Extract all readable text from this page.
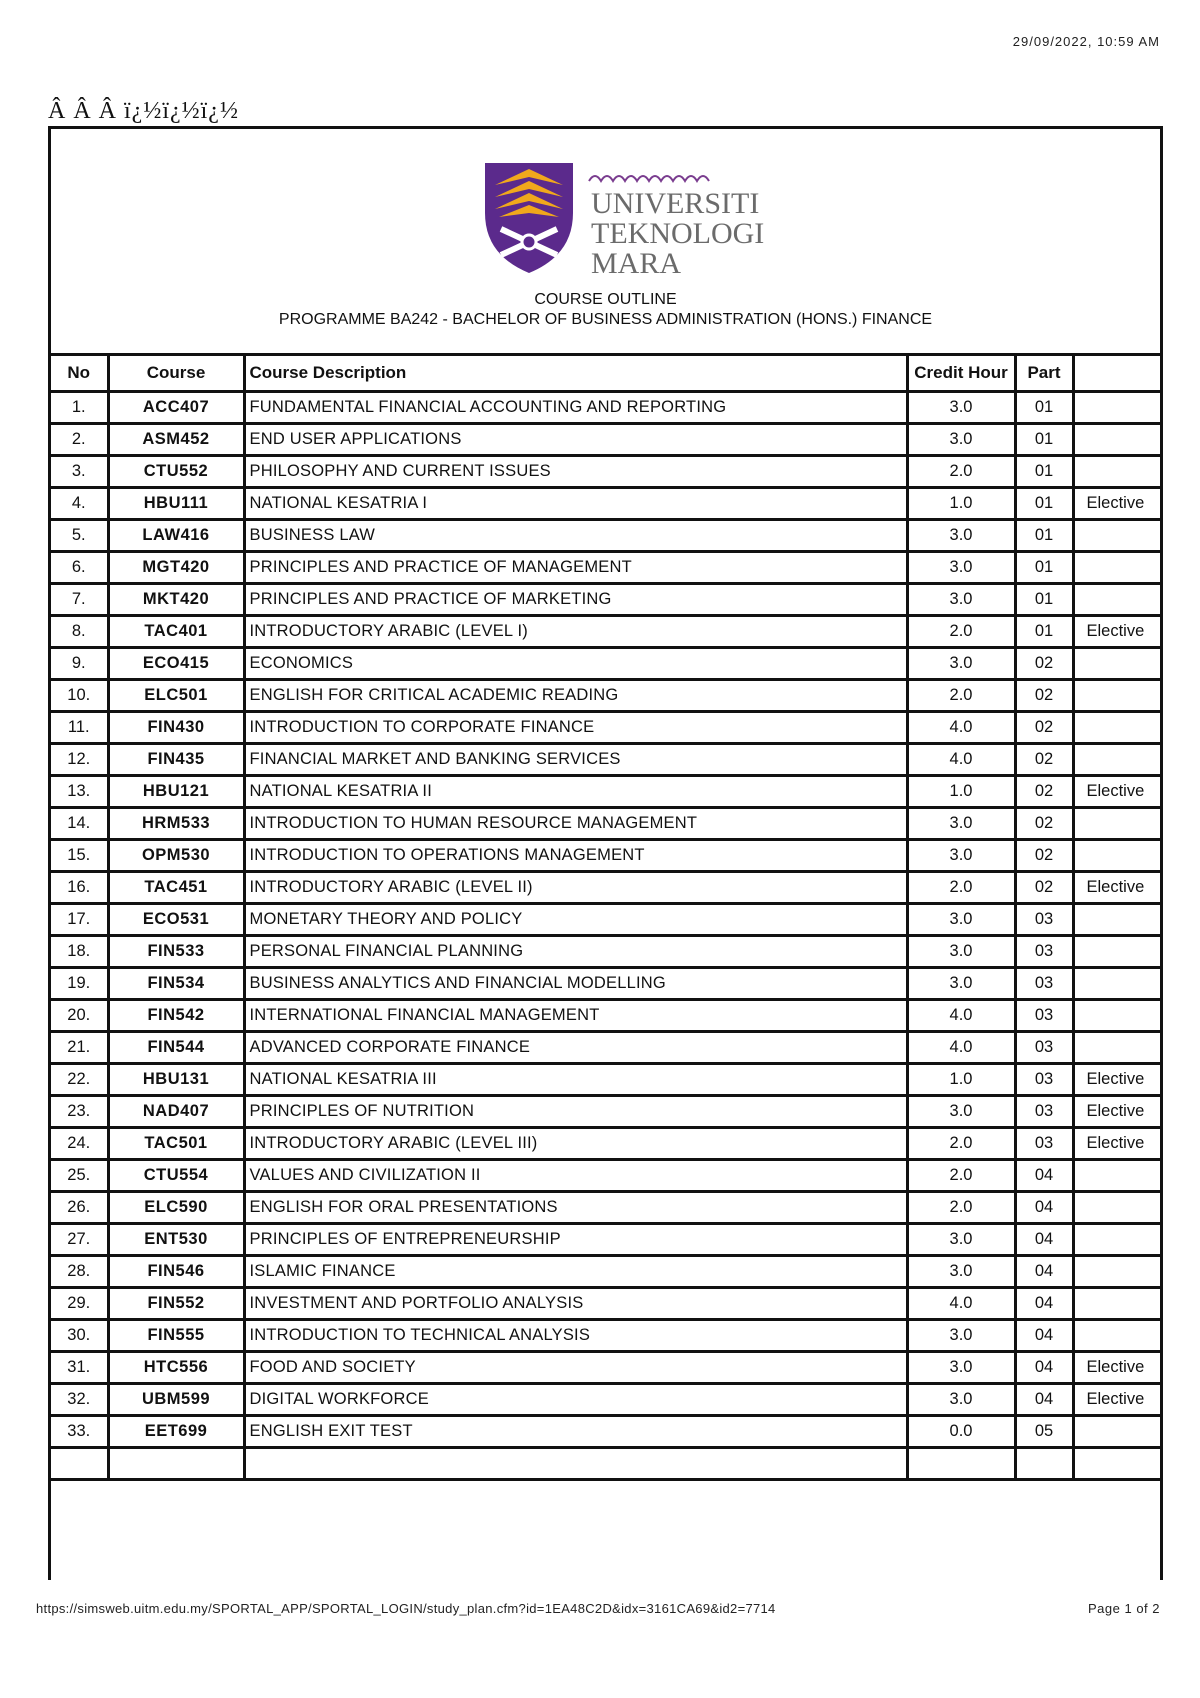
29/09/2022, 10:59 AM
Â Â Â ï¿½ï¿½ï¿½
UNIVERSITI
TEKNOLOGI
MARA
COURSE OUTLINE
PROGRAMME BA242 - BACHELOR OF BUSINESS ADMINISTRATION (HONS.) FINANCE
No	Course	Course Description	Credit Hour	Part	
1.	ACC407	FUNDAMENTAL FINANCIAL ACCOUNTING AND REPORTING	3.0	01	
2.	ASM452	END USER APPLICATIONS	3.0	01	
3.	CTU552	PHILOSOPHY AND CURRENT ISSUES	2.0	01	
4.	HBU111	NATIONAL KESATRIA I	1.0	01	Elective
5.	LAW416	BUSINESS LAW	3.0	01	
6.	MGT420	PRINCIPLES AND PRACTICE OF MANAGEMENT	3.0	01	
7.	MKT420	PRINCIPLES AND PRACTICE OF MARKETING	3.0	01	
8.	TAC401	INTRODUCTORY ARABIC (LEVEL I)	2.0	01	Elective
9.	ECO415	ECONOMICS	3.0	02	
10.	ELC501	ENGLISH FOR CRITICAL ACADEMIC READING	2.0	02	
11.	FIN430	INTRODUCTION TO CORPORATE FINANCE	4.0	02	
12.	FIN435	FINANCIAL MARKET AND BANKING SERVICES	4.0	02	
13.	HBU121	NATIONAL KESATRIA II	1.0	02	Elective
14.	HRM533	INTRODUCTION TO HUMAN RESOURCE MANAGEMENT	3.0	02	
15.	OPM530	INTRODUCTION TO OPERATIONS MANAGEMENT	3.0	02	
16.	TAC451	INTRODUCTORY ARABIC (LEVEL II)	2.0	02	Elective
17.	ECO531	MONETARY THEORY AND POLICY	3.0	03	
18.	FIN533	PERSONAL FINANCIAL PLANNING	3.0	03	
19.	FIN534	BUSINESS ANALYTICS AND FINANCIAL MODELLING	3.0	03	
20.	FIN542	INTERNATIONAL FINANCIAL MANAGEMENT	4.0	03	
21.	FIN544	ADVANCED CORPORATE FINANCE	4.0	03	
22.	HBU131	NATIONAL KESATRIA III	1.0	03	Elective
23.	NAD407	PRINCIPLES OF NUTRITION	3.0	03	Elective
24.	TAC501	INTRODUCTORY ARABIC (LEVEL III)	2.0	03	Elective
25.	CTU554	VALUES AND CIVILIZATION II	2.0	04	
26.	ELC590	ENGLISH FOR ORAL PRESENTATIONS	2.0	04	
27.	ENT530	PRINCIPLES OF ENTREPRENEURSHIP	3.0	04	
28.	FIN546	ISLAMIC FINANCE	3.0	04	
29.	FIN552	INVESTMENT AND PORTFOLIO ANALYSIS	4.0	04	
30.	FIN555	INTRODUCTION TO TECHNICAL ANALYSIS	3.0	04	
31.	HTC556	FOOD AND SOCIETY	3.0	04	Elective
32.	UBM599	DIGITAL WORKFORCE	3.0	04	Elective
33.	EET699	ENGLISH EXIT TEST	0.0	05	

https://simsweb.uitm.edu.my/SPORTAL_APP/SPORTAL_LOGIN/study_plan.cfm?id=1EA48C2D&idx=3161CA69&id2=7714	Page 1 of 2
